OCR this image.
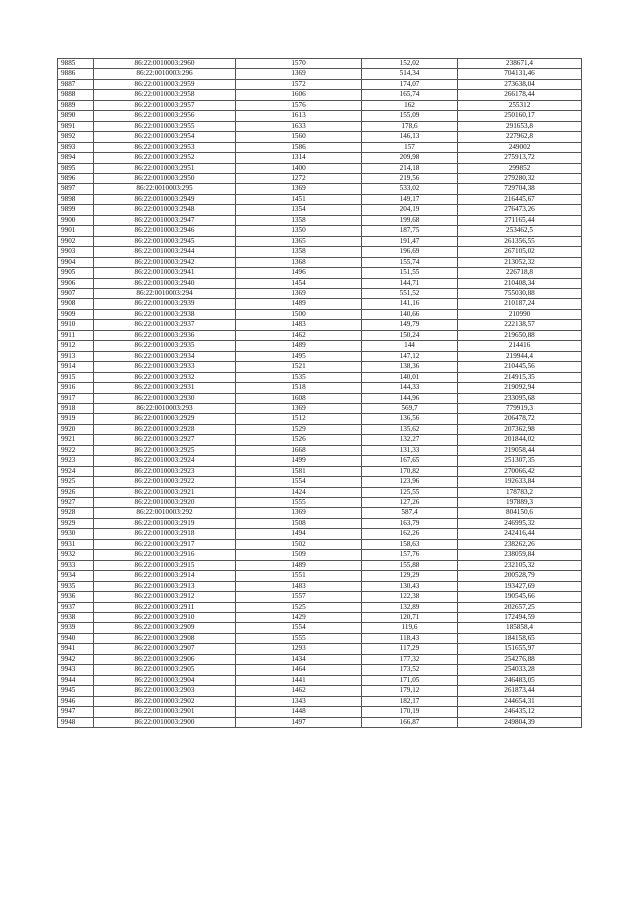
9885	86:22:0010003:2960	1570	152,02	238671,4
9886	86:22:0010003:296	1369	514,34	704131,46
9887	86:22:0010003:2959	1572	174,07	273638,04
9888	86:22:0010003:2958	1606	165,74	266178,44
9889	86:22:0010003:2957	1576	162	255312
9890	86:22:0010003:2956	1613	155,09	250160,17
9891	86:22:0010003:2955	1633	178,6	291653,8
9892	86:22:0010003:2954	1560	146,13	227962,8
9893	86:22:0010003:2953	1586	157	249002
9894	86:22:0010003:2952	1314	209,98	275913,72
9895	86:22:0010003:2951	1400	214,18	299852
9896	86:22:0010003:2950	1272	219,56	279280,32
9897	86:22:0010003:295	1369	533,02	729704,38
9898	86:22:0010003:2949	1451	149,17	216445,67
9899	86:22:0010003:2948	1354	204,19	276473,26
9900	86:22:0010003:2947	1358	199,68	271165,44
9901	86:22:0010003:2946	1350	187,75	253462,5
9902	86:22:0010003:2945	1365	191,47	261356,55
9903	86:22:0010003:2944	1358	196,69	267105,02
9904	86:22:0010003:2942	1368	155,74	213052,32
9905	86:22:0010003:2941	1496	151,55	226718,8
9906	86:22:0010003:2940	1454	144,71	210408,34
9907	86:22:0010003:294	1369	551,52	755030,88
9908	86:22:0010003:2939	1489	141,16	210187,24
9909	86:22:0010003:2938	1500	140,66	210990
9910	86:22:0010003:2937	1483	149,79	222138,57
9911	86:22:0010003:2936	1462	150,24	219650,88
9912	86:22:0010003:2935	1489	144	214416
9913	86:22:0010003:2934	1495	147,12	219944,4
9914	86:22:0010003:2933	1521	138,36	210445,56
9915	86:22:0010003:2932	1535	140,01	214915,35
9916	86:22:0010003:2931	1518	144,33	219092,94
9917	86:22:0010003:2930	1608	144,96	233095,68
9918	86:22:0010003:293	1369	569,7	779919,3
9919	86:22:0010003:2929	1512	136,56	206478,72
9920	86:22:0010003:2928	1529	135,62	207362,98
9921	86:22:0010003:2927	1526	132,27	201844,02
9922	86:22:0010003:2925	1668	131,33	219058,44
9923	86:22:0010003:2924	1499	167,65	251307,35
9924	86:22:0010003:2923	1581	170,82	270066,42
9925	86:22:0010003:2922	1554	123,96	192633,84
9926	86:22:0010003:2921	1424	125,55	178783,2
9927	86:22:0010003:2920	1555	127,26	197889,3
9928	86:22:0010003:292	1369	587,4	804150,6
9929	86:22:0010003:2919	1508	163,79	246995,32
9930	86:22:0010003:2918	1494	162,26	242416,44
9931	86:22:0010003:2917	1502	158,63	238262,26
9932	86:22:0010003:2916	1509	157,76	238059,84
9933	86:22:0010003:2915	1489	155,88	232105,32
9934	86:22:0010003:2914	1551	129,29	200528,79
9935	86:22:0010003:2913	1483	130,43	193427,69
9936	86:22:0010003:2912	1557	122,38	190545,66
9937	86:22:0010003:2911	1525	132,89	202657,25
9938	86:22:0010003:2910	1429	120,71	172494,59
9939	86:22:0010003:2909	1554	119,6	185858,4
9940	86:22:0010003:2908	1555	118,43	184158,65
9941	86:22:0010003:2907	1293	117,29	151655,97
9942	86:22:0010003:2906	1434	177,32	254276,88
9943	86:22:0010003:2905	1464	173,52	254033,28
9944	86:22:0010003:2904	1441	171,05	246483,05
9945	86:22:0010003:2903	1462	179,12	261873,44
9946	86:22:0010003:2902	1343	182,17	244654,31
9947	86:22:0010003:2901	1448	170,19	246435,12
9948	86:22:0010003:2900	1497	166,87	249804,39
